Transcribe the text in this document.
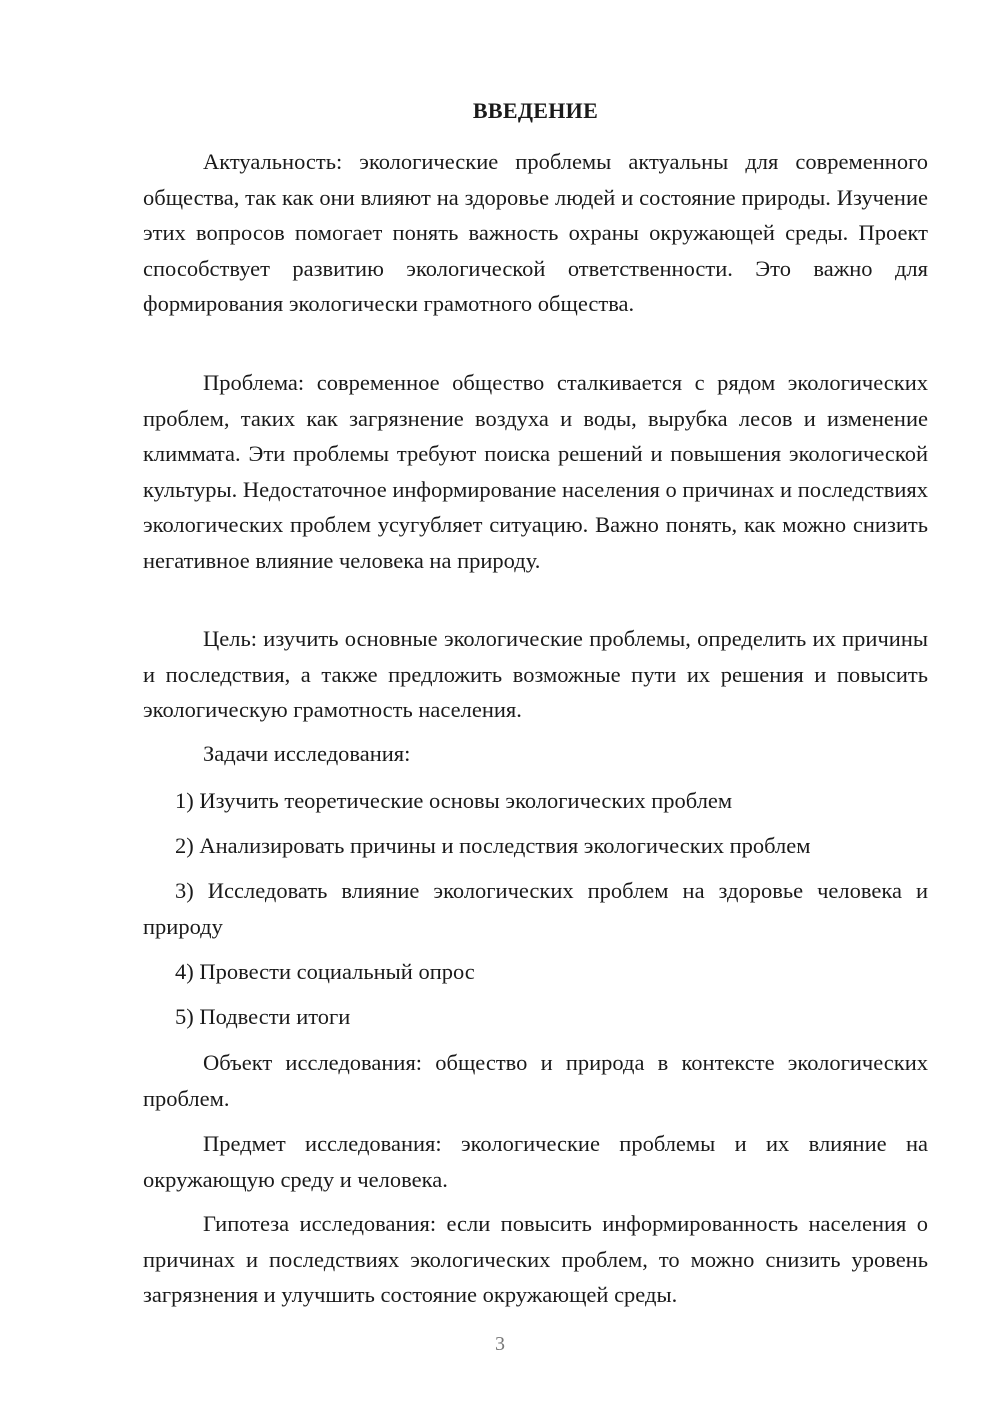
ВВЕДЕНИЕ

Актуальность: экологические проблемы актуальны для современного общества, так как они влияют на здоровье людей и состояние природы. Изучение этих вопросов помогает понять важность охраны окружающей среды. Проект способствует развитию экологической ответственности. Это важно для формирования экологически грамотного общества.

Проблема: современное общество сталкивается с рядом экологических проблем, таких как загрязнение воздуха и воды, вырубка лесов и изменение климмата. Эти проблемы требуют поиска решений и повышения экологической культуры. Недостаточное информирование населения о причинах и последствиях экологических проблем усугубляет ситуацию. Важно понять, как можно снизить негативное влияние человека на природу.

Цель: изучить основные экологические проблемы, определить их причины и последствия, а также предложить возможные пути их решения и повысить экологическую грамотность населения.

Задачи исследования:

1) Изучить теоретические основы экологических проблем

2) Анализировать причины и последствия экологических проблем

3) Исследовать влияние экологических проблем на здоровье человека и природу

4) Провести социальный опрос

5) Подвести итоги

Объект исследования: общество и природа в контексте экологических проблем.

Предмет исследования: экологические проблемы и их влияние на окружающую среду и человека.

Гипотеза исследования: если повысить информированность населения о причинах и последствиях экологических проблем, то можно снизить уровень загрязнения и улучшить состояние окружающей среды.

3
